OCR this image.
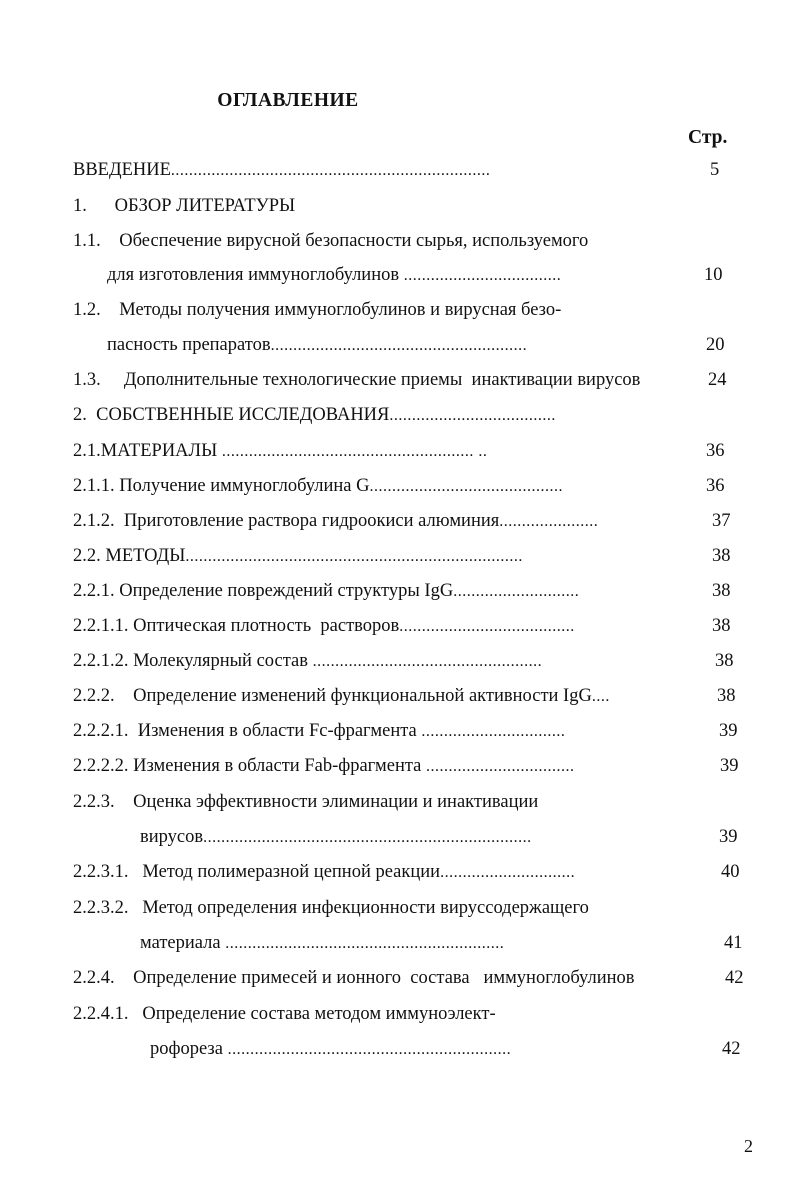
ОГЛАВЛЕНИЕ
Стр.
ВВЕДЕНИЕ.......................................................................	5
1.      ОБЗОР ЛИТЕРАТУРЫ
1.1.    Обеспечение вирусной безопасности сырья, используемого
для изготовления иммуноглобулинов ...................................	10
1.2.    Методы получения иммуноглобулинов и вирусная безо-
пасность препаратов.........................................................	20
1.3.     Дополнительные технологические приемы  инактивации вирусов	24
2.  СОБСТВЕННЫЕ ИССЛЕДОВАНИЯ.....................................
2.1.МАТЕРИАЛЫ ........................................................ ..	36
2.1.1. Получение иммуноглобулина G...........................................	36
2.1.2.  Приготовление раствора гидроокиси алюминия......................	37
2.2. МЕТОДЫ...........................................................................	38
2.2.1. Определение повреждений структуры IgG............................	38
2.2.1.1. Оптическая плотность  растворов.......................................	38
2.2.1.2. Молекулярный состав ...................................................	38
2.2.2.    Определение изменений функциональной активности IgG....	38
2.2.2.1.  Изменения в области Fc-фрагмента ................................	39
2.2.2.2. Изменения в области Fab-фрагмента .................................	39
2.2.3.    Оценка эффективности элиминации и инактивации
вирусов.........................................................................	39
2.2.3.1.   Метод полимеразной цепной реакции..............................	40
2.2.3.2.   Метод определения инфекционности вируссодержащего
материала ..............................................................	41
2.2.4.    Определение примесей и ионного  состава   иммуноглобулинов	42
2.2.4.1.   Определение состава методом иммуноэлект-
рофореза ...............................................................	42
2
